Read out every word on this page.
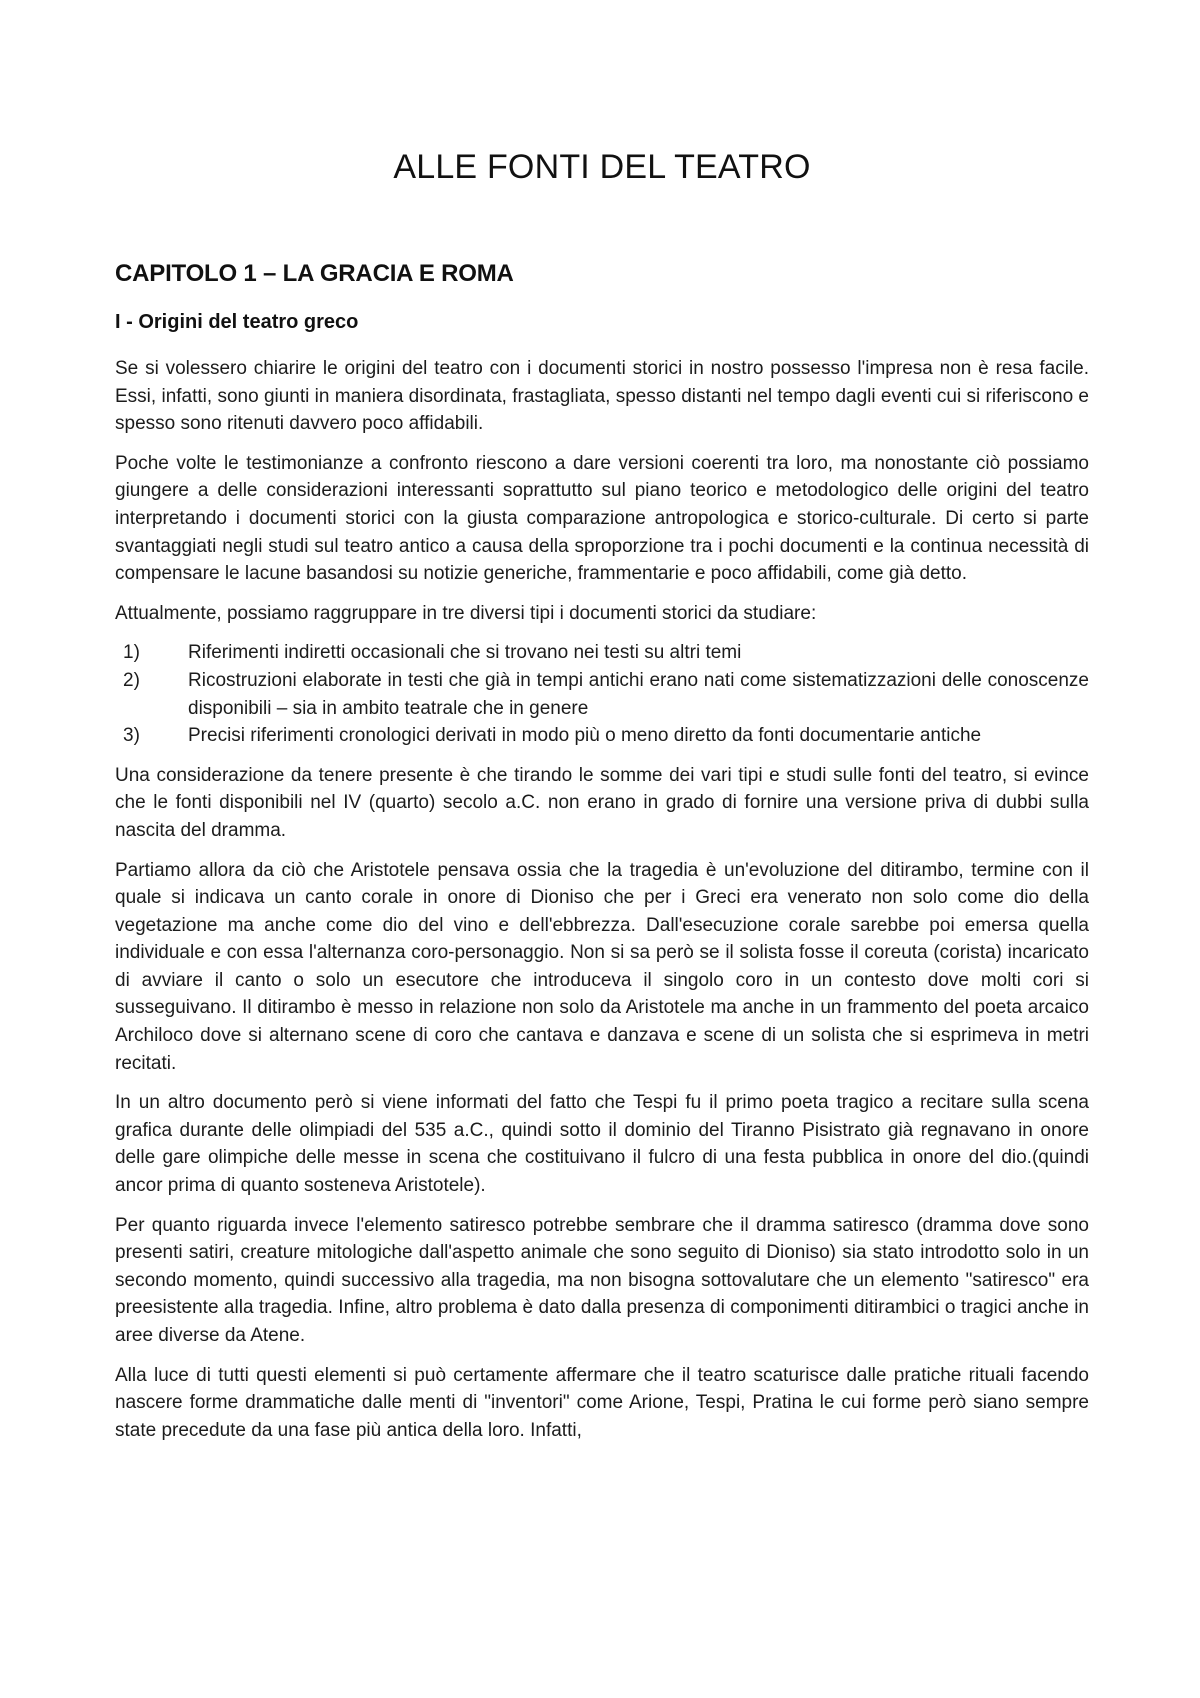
ALLE FONTI DEL TEATRO
CAPITOLO 1 – LA GRACIA E ROMA
I - Origini del teatro greco

Se si volessero chiarire le origini del teatro con i documenti storici in nostro possesso l'impresa non è resa facile. Essi, infatti, sono giunti in maniera disordinata, frastagliata, spesso distanti nel tempo dagli eventi cui si riferiscono e spesso sono ritenuti davvero poco affidabili.

Poche volte le testimonianze a confronto riescono a dare versioni coerenti tra loro, ma nonostante ciò possiamo giungere a delle considerazioni interessanti soprattutto sul piano teorico e metodologico delle origini del teatro interpretando i documenti storici con la giusta comparazione antropologica e storico-culturale. Di certo si parte svantaggiati negli studi sul teatro antico a causa della sproporzione tra i pochi documenti e la continua necessità di compensare le lacune basandosi su notizie generiche, frammentarie e poco affidabili, come già detto.

Attualmente, possiamo raggruppare in tre diversi tipi i documenti storici da studiare:

1)	Riferimenti indiretti occasionali che si trovano nei testi su altri temi
2)	Ricostruzioni elaborate in testi che già in tempi antichi erano nati come sistematizzazioni delle conoscenze disponibili – sia in ambito teatrale che in genere
3)	Precisi riferimenti cronologici derivati in modo più o meno diretto da fonti documentarie antiche

Una considerazione da tenere presente è che tirando le somme dei vari tipi e studi sulle fonti del teatro, si evince che le fonti disponibili nel IV (quarto) secolo a.C. non erano in grado di fornire una versione priva di dubbi sulla nascita del dramma.

Partiamo allora da ciò che Aristotele pensava ossia che la tragedia è un'evoluzione del ditirambo, termine con il quale si indicava un canto corale in onore di Dioniso che per i Greci era venerato non solo come dio della vegetazione ma anche come dio del vino e dell'ebbrezza. Dall'esecuzione corale sarebbe poi emersa quella individuale e con essa l'alternanza coro-personaggio. Non si sa però se il solista fosse il coreuta (corista) incaricato di avviare il canto o solo un esecutore che introduceva il singolo coro in un contesto dove molti cori si susseguivano. Il ditirambo è messo in relazione non solo da Aristotele ma anche in un frammento del poeta arcaico Archiloco dove si alternano scene di coro che cantava e danzava e scene di un solista che si esprimeva in metri recitati.

In un altro documento però si viene informati del fatto che Tespi fu il primo poeta tragico a recitare sulla scena grafica durante delle olimpiadi del 535 a.C., quindi sotto il dominio del Tiranno Pisistrato già regnavano in onore delle gare olimpiche delle messe in scena che costituivano il fulcro di una festa pubblica in onore del dio.(quindi ancor prima di quanto sosteneva Aristotele).

Per quanto riguarda invece l'elemento satiresco potrebbe sembrare che il dramma satiresco (dramma dove sono presenti satiri, creature mitologiche dall'aspetto animale che sono seguito di Dioniso) sia stato introdotto solo in un secondo momento, quindi successivo alla tragedia, ma non bisogna sottovalutare che un elemento "satiresco" era preesistente alla tragedia. Infine, altro problema è dato dalla presenza di componimenti ditirambici o tragici anche in aree diverse da Atene.

Alla luce di tutti questi elementi si può certamente affermare che il teatro scaturisce dalle pratiche rituali facendo nascere forme drammatiche dalle menti di "inventori" come Arione, Tespi, Pratina le cui forme però siano sempre state precedute da una fase più antica della loro. Infatti,
